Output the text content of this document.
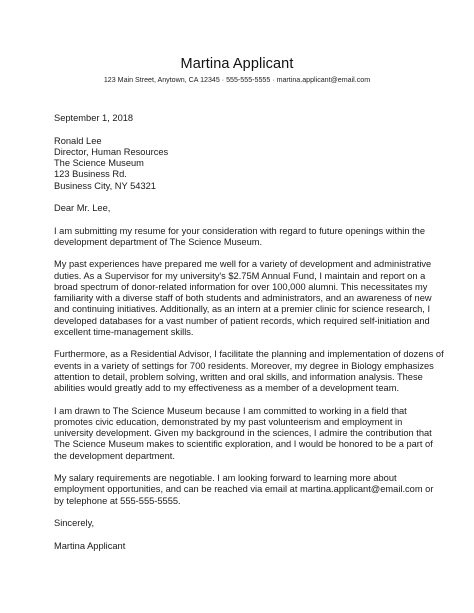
Martina Applicant
123 Main Street, Anytown, CA 12345 · 555-555-5555 · martina.applicant@email.com
September 1, 2018
Ronald Lee
Director, Human Resources
The Science Museum
123 Business Rd.
Business City, NY 54321
Dear Mr. Lee,
I am submitting my resume for your consideration with regard to future openings within the
development department of The Science Museum.
My past experiences have prepared me well for a variety of development and administrative
duties. As a Supervisor for my university's $2.75M Annual Fund, I maintain and report on a
broad spectrum of donor-related information for over 100,000 alumni. This necessitates my
familiarity with a diverse staff of both students and administrators, and an awareness of new
and continuing initiatives. Additionally, as an intern at a premier clinic for science research, I
developed databases for a vast number of patient records, which required self-initiation and
excellent time-management skills.
Furthermore, as a Residential Advisor, I facilitate the planning and implementation of dozens of
events in a variety of settings for 700 residents. Moreover, my degree in Biology emphasizes
attention to detail, problem solving, written and oral skills, and information analysis. These
abilities would greatly add to my effectiveness as a member of a development team.
I am drawn to The Science Museum because I am committed to working in a field that
promotes civic education, demonstrated by my past volunteerism and employment in
university development. Given my background in the sciences, I admire the contribution that
The Science Museum makes to scientific exploration, and I would be honored to be a part of
the development department.
My salary requirements are negotiable. I am looking forward to learning more about
employment opportunities, and can be reached via email at martina.applicant@email.com or
by telephone at 555-555-5555.
Sincerely,
Martina Applicant
